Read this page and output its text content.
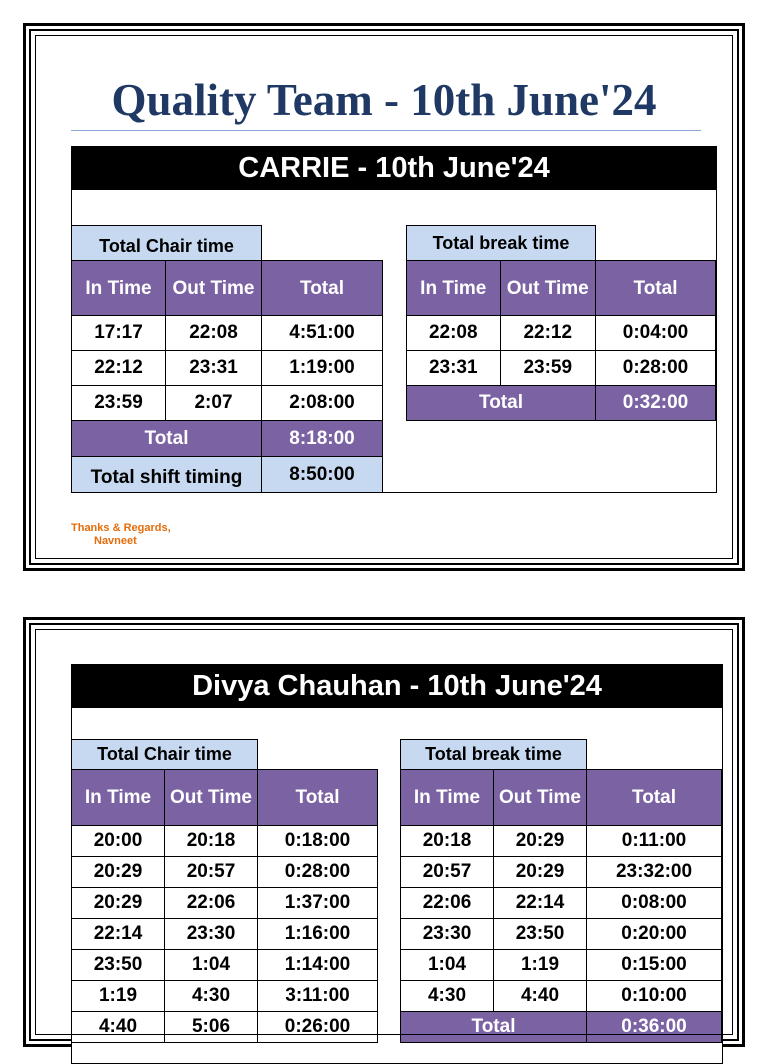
Quality Team - 10th June'24
CARRIE - 10th June'24
Total Chair time		
In Time	Out Time	Total
17:17	22:08	4:51:00
22:12	23:31	1:19:00
23:59	2:07	2:08:00
Total		8:18:00
Total shift timing		8:50:00
Total break time		
In Time	Out Time	Total
22:08	22:12	0:04:00
23:31	23:59	0:28:00
Total		0:32:00
Thanks & Regards,
Navneet
Divya Chauhan - 10th June'24
Total Chair time		
In Time	Out Time	Total
20:00	20:18	0:18:00
20:29	20:57	0:28:00
20:29	22:06	1:37:00
22:14	23:30	1:16:00
23:50	1:04	1:14:00
1:19	4:30	3:11:00
4:40	5:06	0:26:00
Total break time		
In Time	Out Time	Total
20:18	20:29	0:11:00
20:57	20:29	23:32:00
22:06	22:14	0:08:00
23:30	23:50	0:20:00
1:04	1:19	0:15:00
4:30	4:40	0:10:00
Total		0:36:00
